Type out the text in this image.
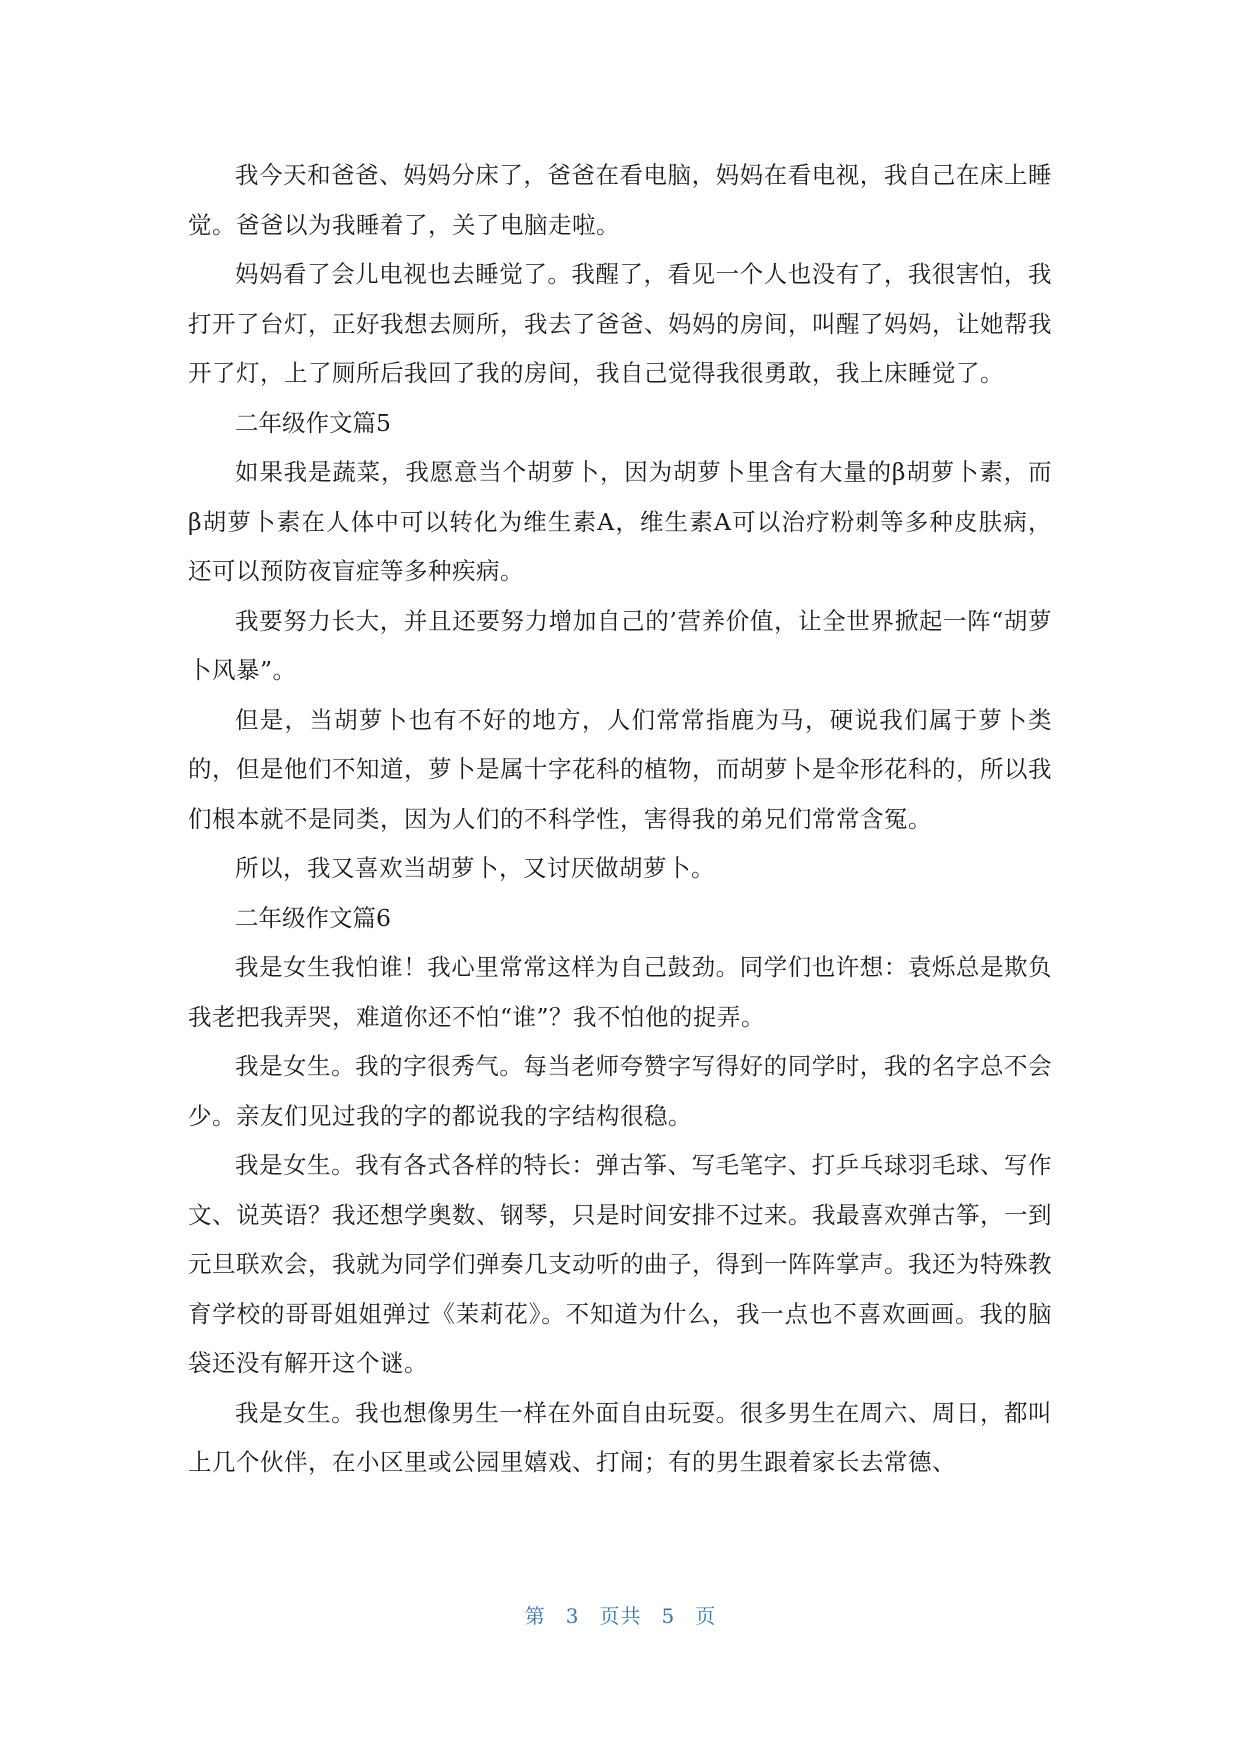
我今天和爸爸、妈妈分床了，爸爸在看电脑，妈妈在看电视，我自己在床上睡觉。爸爸以为我睡着了，关了电脑走啦。

妈妈看了会儿电视也去睡觉了。我醒了，看见一个人也没有了，我很害怕，我打开了台灯，正好我想去厕所，我去了爸爸、妈妈的房间，叫醒了妈妈，让她帮我开了灯，上了厕所后我回了我的房间，我自己觉得我很勇敢，我上床睡觉了。

二年级作文篇5

如果我是蔬菜，我愿意当个胡萝卜，因为胡萝卜里含有大量的β胡萝卜素，而β胡萝卜素在人体中可以转化为维生素A，维生素A可以治疗粉刺等多种皮肤病，还可以预防夜盲症等多种疾病。

我要努力长大，并且还要努力增加自己的’营养价值，让全世界掀起一阵“胡萝卜风暴”。

但是，当胡萝卜也有不好的地方，人们常常指鹿为马，硬说我们属于萝卜类的，但是他们不知道，萝卜是属十字花科的植物，而胡萝卜是伞形花科的，所以我们根本就不是同类，因为人们的不科学性，害得我的弟兄们常常含冤。

所以，我又喜欢当胡萝卜，又讨厌做胡萝卜。

二年级作文篇6

我是女生我怕谁！我心里常常这样为自己鼓劲。同学们也许想：袁烁总是欺负我老把我弄哭，难道你还不怕“谁”？我不怕他的捉弄。

我是女生。我的字很秀气。每当老师夸赞字写得好的同学时，我的名字总不会少。亲友们见过我的字的都说我的字结构很稳。

我是女生。我有各式各样的特长：弹古筝、写毛笔字、打乒乓球羽毛球、写作文、说英语？我还想学奥数、钢琴，只是时间安排不过来。我最喜欢弹古筝，一到元旦联欢会，我就为同学们弹奏几支动听的曲子，得到一阵阵掌声。我还为特殊教育学校的哥哥姐姐弹过《茉莉花》。不知道为什么，我一点也不喜欢画画。我的脑袋还没有解开这个谜。

我是女生。我也想像男生一样在外面自由玩耍。很多男生在周六、周日，都叫上几个伙伴，在小区里或公园里嬉戏、打闹；有的男生跟着家长去常德、

第 3 页共 5 页
